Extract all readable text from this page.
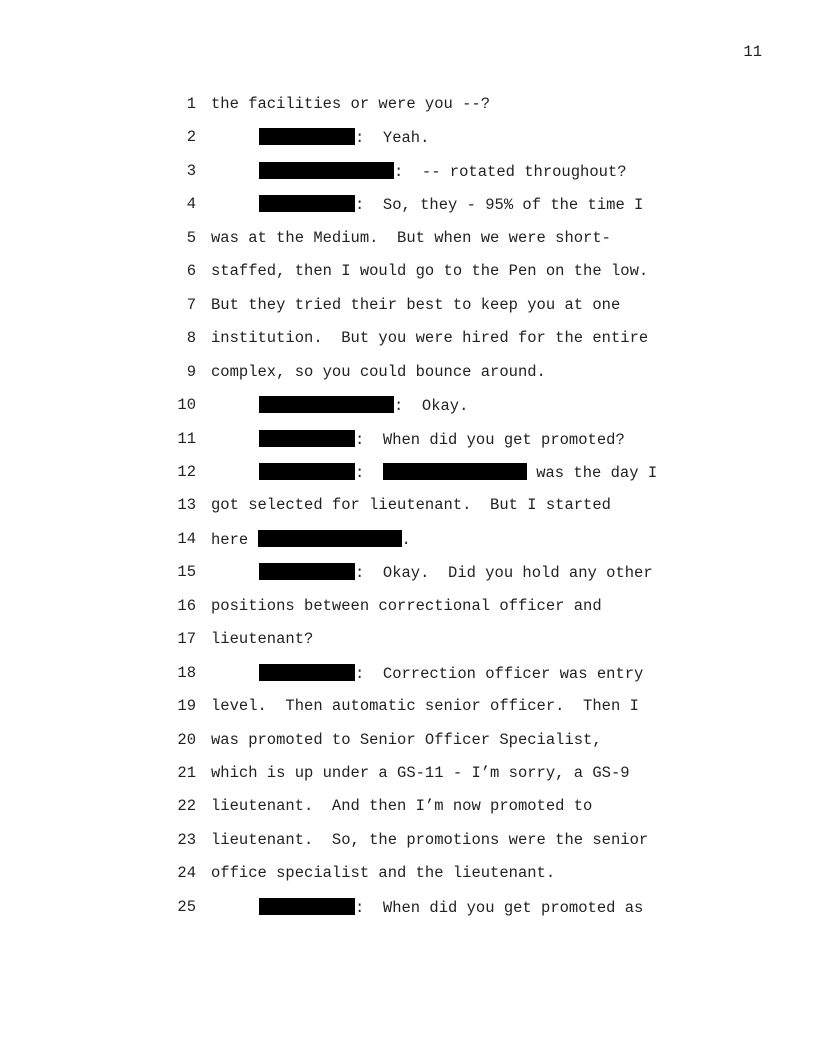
11
1 the facilities or were you --?
2	:  Yeah.
3	:  -- rotated throughout?
4	:  So, they - 95% of the time I
5 was at the Medium.  But when we were short-
6 staffed, then I would go to the Pen on the low.
7 But they tried their best to keep you at one
8 institution.  But you were hired for the entire
9 complex, so you could bounce around.
10	:  Okay.
11	:  When did you get promoted?
12	:	was the day I
13 got selected for lieutenant.  But I started
14 here	.
15	:  Okay.  Did you hold any other
16 positions between correctional officer and
17 lieutenant?
18	:  Correction officer was entry
19 level.  Then automatic senior officer.  Then I
20 was promoted to Senior Officer Specialist,
21 which is up under a GS-11 - I’m sorry, a GS-9
22 lieutenant.  And then I’m now promoted to
23 lieutenant.  So, the promotions were the senior
24 office specialist and the lieutenant.
25	:  When did you get promoted as
